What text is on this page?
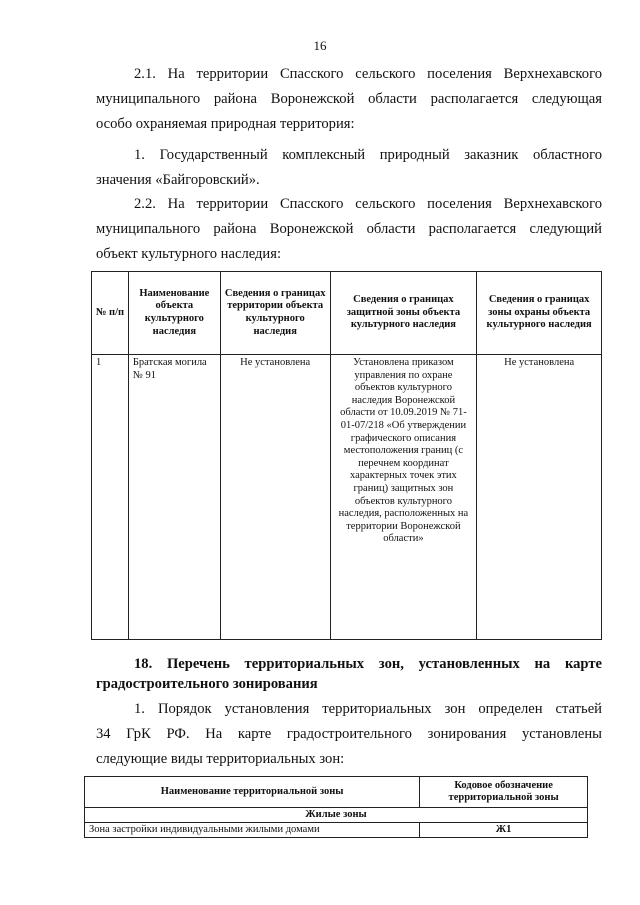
16
2.1. На территории Спасского сельского поселения Верхнехавского
муниципального района Воронежской области располагается следующая
особо охраняемая природная территория:
1. Государственный комплексный природный заказник областного
значения «Байгоровский».
2.2. На территории Спасского сельского поселения Верхнехавского
муниципального района Воронежской области располагается следующий
объект культурного наследия:
№ п/п	Наименование объекта культурного наследия	Сведения о границах территории объекта культурного наследия	Сведения о границах защитной зоны объекта культурного наследия	Сведения о границах зоны охраны объекта культурного наследия
1	Братская могила № 91	Не установлена	Установлена приказом управления по охране объектов культурного наследия Воронежской области от 10.09.2019 № 71-01-07/218 «Об утверждении графического описания местоположения границ (с перечнем координат характерных точек этих границ) защитных зон объектов культурного наследия, расположенных на территории Воронежской области»	Не установлена
18. Перечень территориальных зон, установленных на карте
градостроительного зонирования
1. Порядок установления территориальных зон определен статьей
34 ГрК РФ. На карте градостроительного зонирования установлены
следующие виды территориальных зон:
Наименование территориальной зоны	Кодовое обозначение территориальной зоны
Жилые зоны	
Зона застройки индивидуальными жилыми домами	Ж1
